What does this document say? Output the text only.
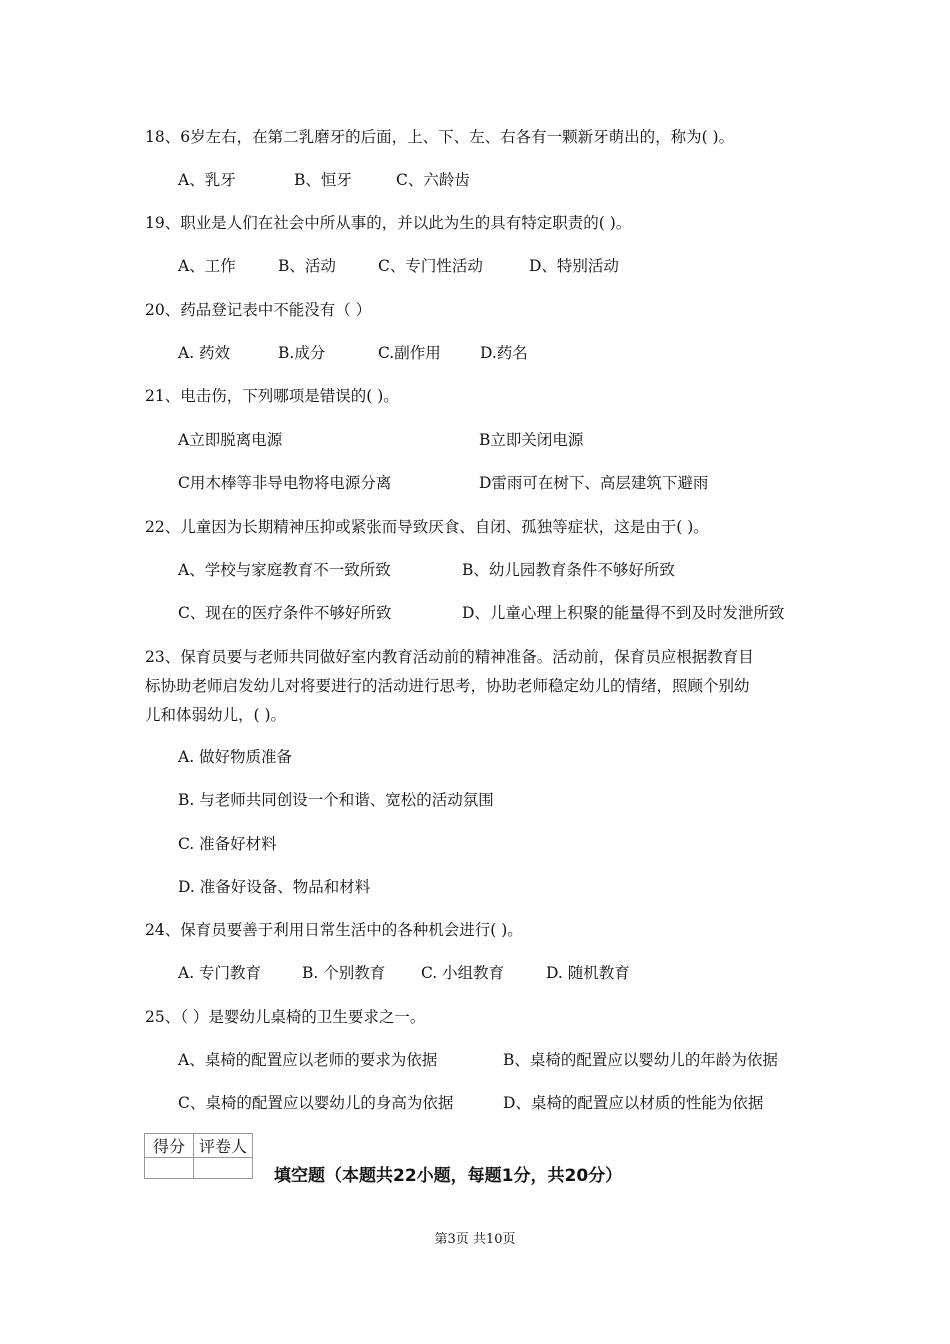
18、6岁左右，在第二乳磨牙的后面，上、下、左、右各有一颗新牙萌出的，称为( )。
A、乳牙	B、恒牙	C、六龄齿
19、职业是人们在社会中所从事的，并以此为生的具有特定职责的( )。
A、工作	B、活动	C、专门性活动	D、特别活动
20、药品登记表中不能没有（ ）
A. 药效	B.成分	C.副作用	D.药名
21、电击伤，下列哪项是错误的( )。
A立即脱离电源	B立即关闭电源
C用木棒等非导电物将电源分离	D雷雨可在树下、高层建筑下避雨
22、儿童因为长期精神压抑或紧张而导致厌食、自闭、孤独等症状，这是由于( )。
A、学校与家庭教育不一致所致	B、幼儿园教育条件不够好所致
C、现在的医疗条件不够好所致	D、儿童心理上积聚的能量得不到及时发泄所致
23、保育员要与老师共同做好室内教育活动前的精神准备。活动前，保育员应根据教育目
标协助老师启发幼儿对将要进行的活动进行思考，协助老师稳定幼儿的情绪，照顾个别幼
儿和体弱幼儿，( )。
A. 做好物质准备
B. 与老师共同创设一个和谐、宽松的活动氛围
C. 准备好材料
D. 准备好设备、物品和材料
24、保育员要善于利用日常生活中的各种机会进行( )。
A. 专门教育	B. 个别教育 C. 小组教育	D. 随机教育
25、（ ）是婴幼儿桌椅的卫生要求之一。
A、桌椅的配置应以老师的要求为依据	B、桌椅的配置应以婴幼儿的年龄为依据
C、桌椅的配置应以婴幼儿的身高为依据	D、桌椅的配置应以材质的性能为依据
得分	评卷人

填空题（本题共22小题，每题1分，共20分）
第3页 共10页
